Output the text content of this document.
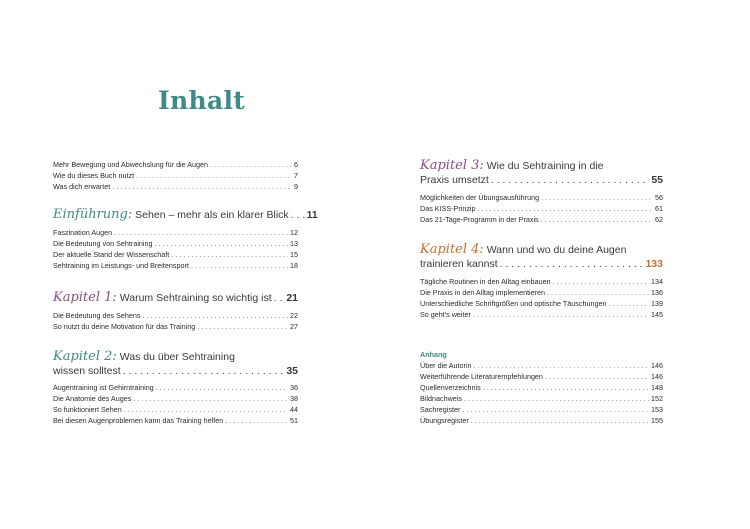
Inhalt
Mehr Bewegung und Abwechslung für die Augen . . .	6
Wie du dieses Buch nutzt . . .	7
Was dich erwartet . . .	9
Einführung:
Sehen – mehr als ein klarer Blick . . . 11
Faszination Augen . . .	12
Die Bedeutung von Sehtraining . . .	13
Der aktuelle Stand der Wissenschaft . . .	15
Sehtraining im Leistungs- und Breitensport . . .	18
Kapitel 1:
Warum Sehtraining so wichtig ist . . . 21
Die Bedeutung des Sehens . . .	22
So nutzt du deine Motivation für das Training . . .	27
Kapitel 2: Was du über Sehtraining
wissen solltest . . .	35
Augentraining ist Gehirntraining . . .	36
Die Anatomie des Auges . . .	38
So funktioniert Sehen . . .	44
Bei diesen Augenproblemen kann das Training helfen . . .	51
Kapitel 3: Wie du Sehtraining in die
Praxis umsetzt . . .	55
Möglichkeiten der Übungsausführung . . .	56
Das KISS-Prinzip . . .	61
Das 21-Tage-Programm in der Praxis . . .	62
Kapitel 4: Wann und wo du deine Augen
trainieren kannst . . .	133
Tägliche Routinen in den Alltag einbauen . . .	134
Die Praxis in den Alltag implementieren . . .	136
Unterschiedliche Schriftgrößen und optische Täuschungen . . .	139
So geht's weiter . . .	145
Anhang
Über die Autorin . . .	146
Weiterführende Literaturempfehlungen . . .	146
Quellenverzeichnis . . .	148
Bildnachweis . . .	152
Sachregister . . .	153
Übungsregister . . .	155
